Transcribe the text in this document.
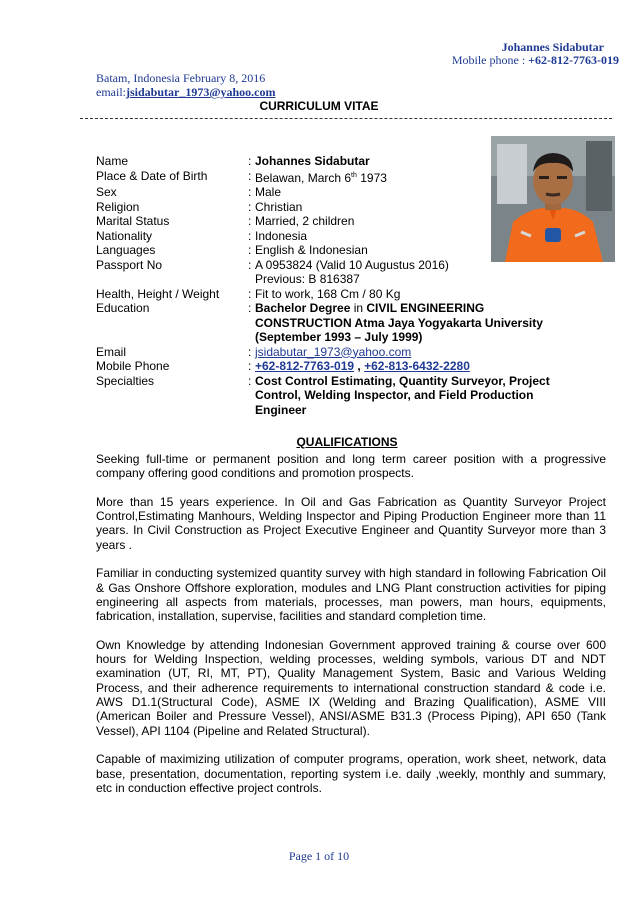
Johannes Sidabutar
Mobile phone : +62-812-7763-019
Batam, Indonesia February 8, 2016
email:jsidabutar_1973@yahoo.com
CURRICULUM VITAE
Name	: Johannes Sidabutar
Place & Date of Birth	: Belawan, March 6th 1973
Sex	: Male
Religion	: Christian
Marital Status	: Married, 2 children
Nationality	: Indonesia
Languages	: English & Indonesian
Passport No	: A 0953824 (Valid 10 Augustus 2016)
Previous: B 816387
Health, Height / Weight	: Fit to work, 168 Cm / 80 Kg
Education	: Bachelor Degree in CIVIL ENGINEERING
CONSTRUCTION Atma Jaya Yogyakarta University
(September 1993 – July 1999)
Email	: jsidabutar_1973@yahoo.com
Mobile Phone	: +62-812-7763-019 , +62-813-6432-2280
Specialties	: Cost Control Estimating, Quantity Surveyor, Project
Control, Welding Inspector, and Field Production
Engineer
QUALIFICATIONS

Seeking full-time or permanent position and long term career position with a progressive company offering good conditions and promotion prospects.

More than 15 years experience. In Oil and Gas Fabrication as Quantity Surveyor Project Control,Estimating Manhours, Welding Inspector and Piping Production Engineer more than 11 years. In Civil Construction as Project Executive Engineer and Quantity Surveyor more than 3 years .

Familiar in conducting systemized quantity survey with high standard in following Fabrication Oil & Gas Onshore Offshore exploration, modules and LNG Plant construction activities for piping engineering all aspects from materials, processes, man powers, man hours, equipments, fabrication, installation, supervise, facilities and standard completion time.

Own Knowledge by attending Indonesian Government approved training & course over 600 hours for Welding Inspection, welding processes, welding symbols, various DT and NDT examination (UT, RI, MT, PT), Quality Management System, Basic and Various Welding Process, and their adherence requirements to international construction standard & code i.e. AWS D1.1(Structural Code), ASME IX (Welding and Brazing Qualification), ASME VIII (American Boiler and Pressure Vessel), ANSI/ASME B31.3 (Process Piping), API 650 (Tank Vessel), API 1104 (Pipeline and Related Structural).

Capable of maximizing utilization of computer programs, operation, work sheet, network, data base, presentation, documentation, reporting system i.e. daily ,weekly, monthly and summary, etc in conduction effective project controls.

Page 1 of 10
